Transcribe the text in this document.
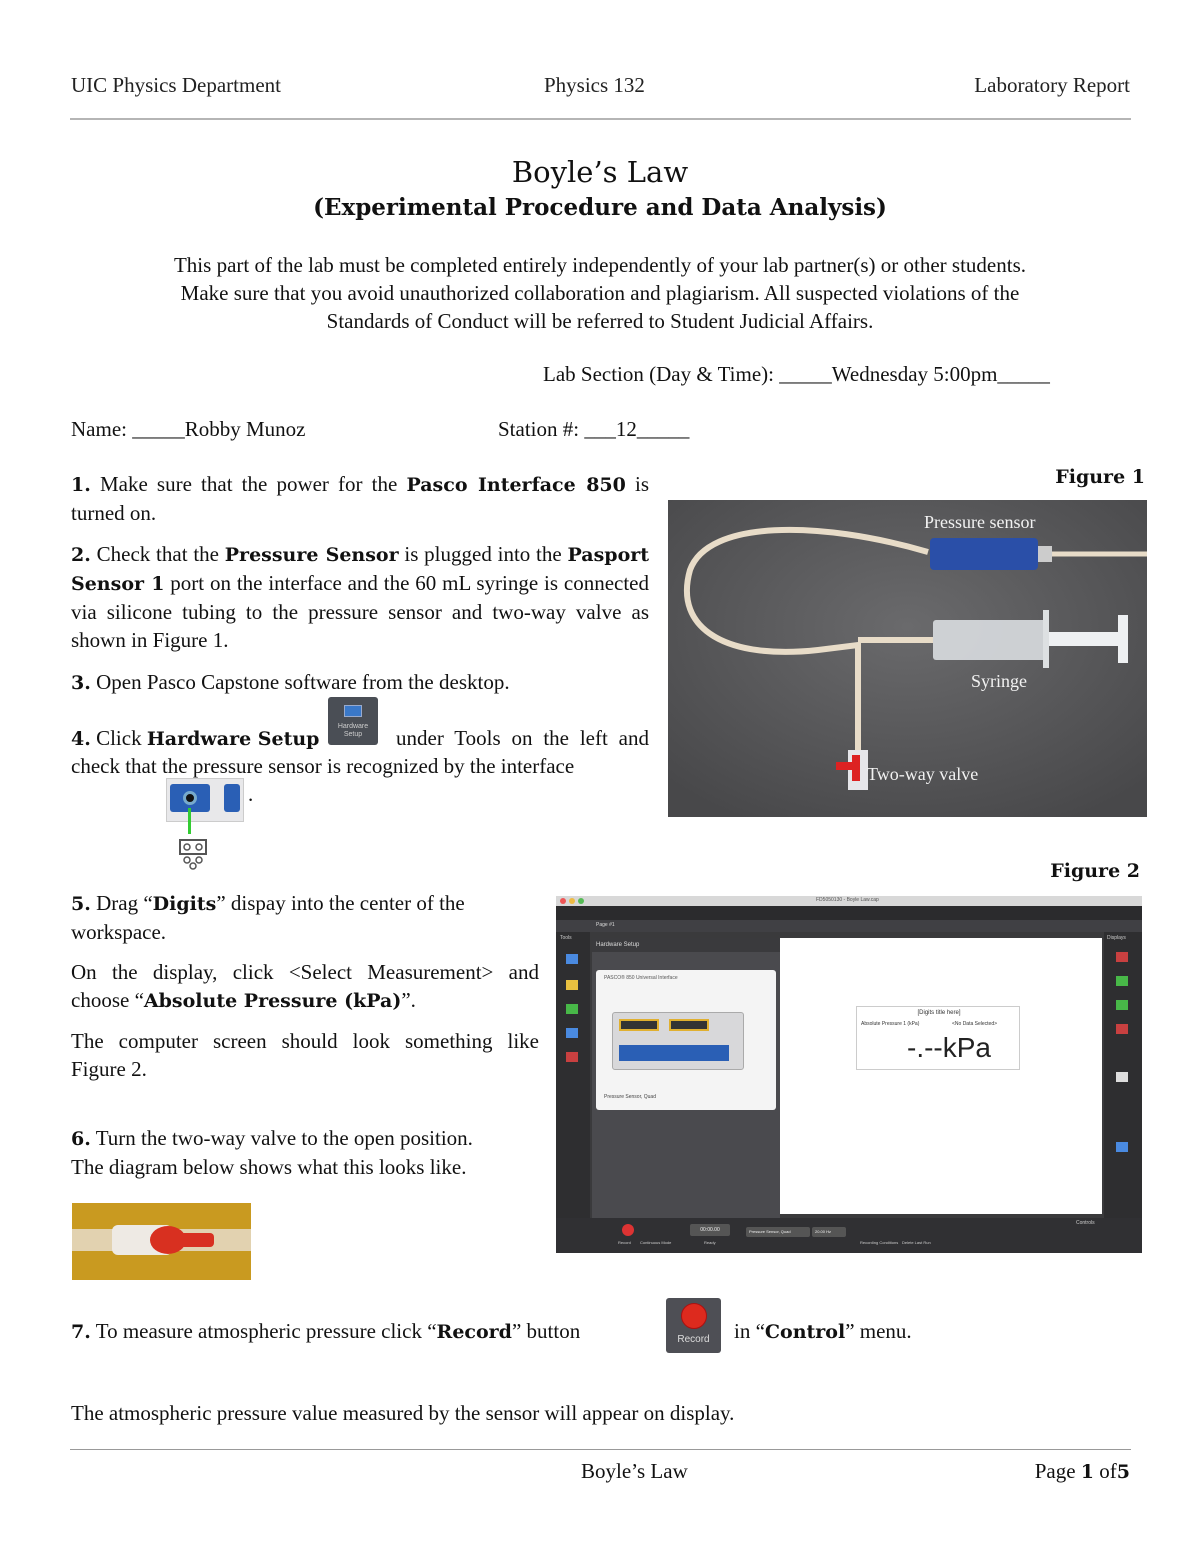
UIC Physics Department	Physics 132	Laboratory Report
Boyle’s Law
(Experimental Procedure and Data Analysis)
This part of the lab must be completed entirely independently of your lab partner(s) or other students.
Make sure that you avoid unauthorized collaboration and plagiarism. All suspected violations of the
Standards of Conduct will be referred to Student Judicial Affairs.
Lab Section (Day & Time): _____Wednesday 5:00pm_____
Name: _____Robby Munoz	Station #: ___12_____
1. Make sure that the power for the Pasco Interface 850 is turned on.
2. Check that the Pressure Sensor is plugged into the Pasport Sensor 1 port on the interface and the 60 mL syringe is connected via silicone tubing to the pressure sensor and two-way valve as shown in Figure 1.
3. Open Pasco Capstone software from the desktop.
4. Click Hardware Setup
Hardware Setup	under Tools on the left and check that the pressure sensor is recognized by the interface
.
Figure 1
Pressure sensor
Syringe
Two-way valve
Figure 2
FD5050130 - Boyle Law.cap
Page #1
Tools
Hardware Setup
PASCO® 850 Universal Interface
Pressure Sensor, Quad
[Digits title here]
Absolute Pressure 1 (kPa)	<No Data Selected>
-.--kPa
Displays
Controls
Record Continuous Mode
00:00.00
Ready
Pressure Sensor, Quad	20.00 Hz
Recording Conditions Delete Last Run
5. Drag “Digits” dispay into the center of the workspace.
On the display, click <Select Measurement> and choose “Absolute Pressure (kPa)”.
The computer screen should look something like Figure 2.
6. Turn the two-way valve to the open position.
The diagram below shows what this looks like.
7. To measure atmospheric pressure click “Record” button	Record	in “Control” menu.
The atmospheric pressure value measured by the sensor will appear on display.
Boyle’s Law	Page 1 of5
